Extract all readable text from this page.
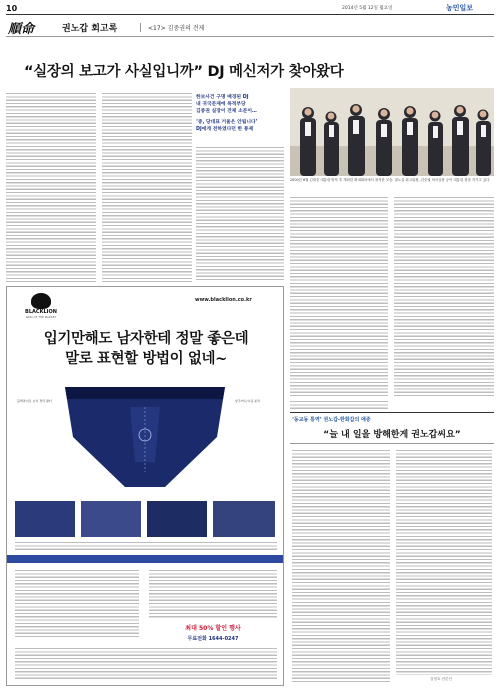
10	2014년 5월 12일 월요일	농민일보
順命	권노갑 회고록	<17> 김중권의 견제
“실장의 보고가 사실입니까” DJ 메신저가 찾아왔다
한보사건 구명 배경된 DJ
내 귀국문제에 목적부당
김중권 실장이 견제 소문이…
‘중, 당대표 거울은 안됩니다’
DJ에게 전하였다던 한 통제
2000년 6월 김대중 대통령 방북 후 개최한 확대회의에서 참석한 모습. 권노갑 최고위원, 김중권 비서실장 등이 대통령 곁을 지키고 있다.
BLACKLION
KING OF THE MARKET
www.blacklion.co.kr
입기만해도 남자한테 정말 좋은데
말로 표현할 방법이 없네~
블랙라이온 보석 경락 팬티	앞주머니 다중 분리
최대 50% 할인 행사
무료전화 1644-0247
‘동교동 통역’ 권노갑-한화갑의 애증
“늘 내 일을 방해한게 권노갑씨요”
김영호 언론인
